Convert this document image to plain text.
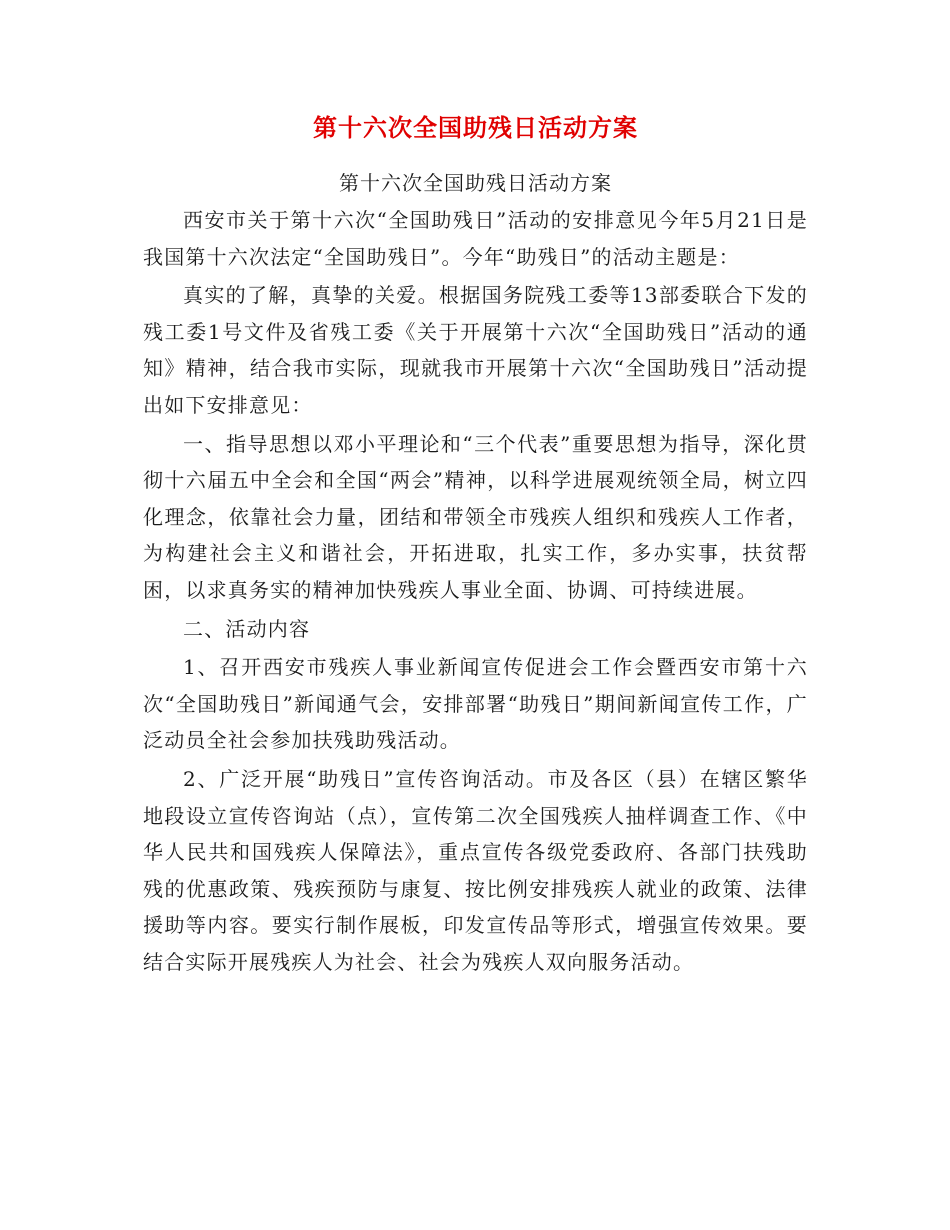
第十六次全国助残日活动方案
第十六次全国助残日活动方案

西安市关于第十六次“全国助残日”活动的安排意见今年5月21日是我国第十六次法定“全国助残日”。今年“助残日”的活动主题是：

真实的了解，真挚的关爱。根据国务院残工委等13部委联合下发的残工委1号文件及省残工委《关于开展第十六次“全国助残日”活动的通知》精神，结合我市实际，现就我市开展第十六次“全国助残日”活动提出如下安排意见：

一、指导思想以邓小平理论和“三个代表”重要思想为指导，深化贯彻十六届五中全会和全国“两会”精神，以科学进展观统领全局，树立四化理念，依靠社会力量，团结和带领全市残疾人组织和残疾人工作者，为构建社会主义和谐社会，开拓进取，扎实工作，多办实事，扶贫帮困，以求真务实的精神加快残疾人事业全面、协调、可持续进展。

二、活动内容

1、召开西安市残疾人事业新闻宣传促进会工作会暨西安市第十六次“全国助残日”新闻通气会，安排部署“助残日”期间新闻宣传工作，广泛动员全社会参加扶残助残活动。

2、广泛开展“助残日”宣传咨询活动。市及各区（县）在辖区繁华地段设立宣传咨询站（点），宣传第二次全国残疾人抽样调查工作、《中华人民共和国残疾人保障法》，重点宣传各级党委政府、各部门扶残助残的优惠政策、残疾预防与康复、按比例安排残疾人就业的政策、法律援助等内容。要实行制作展板，印发宣传品等形式，增强宣传效果。要结合实际开展残疾人为社会、社会为残疾人双向服务活动。
